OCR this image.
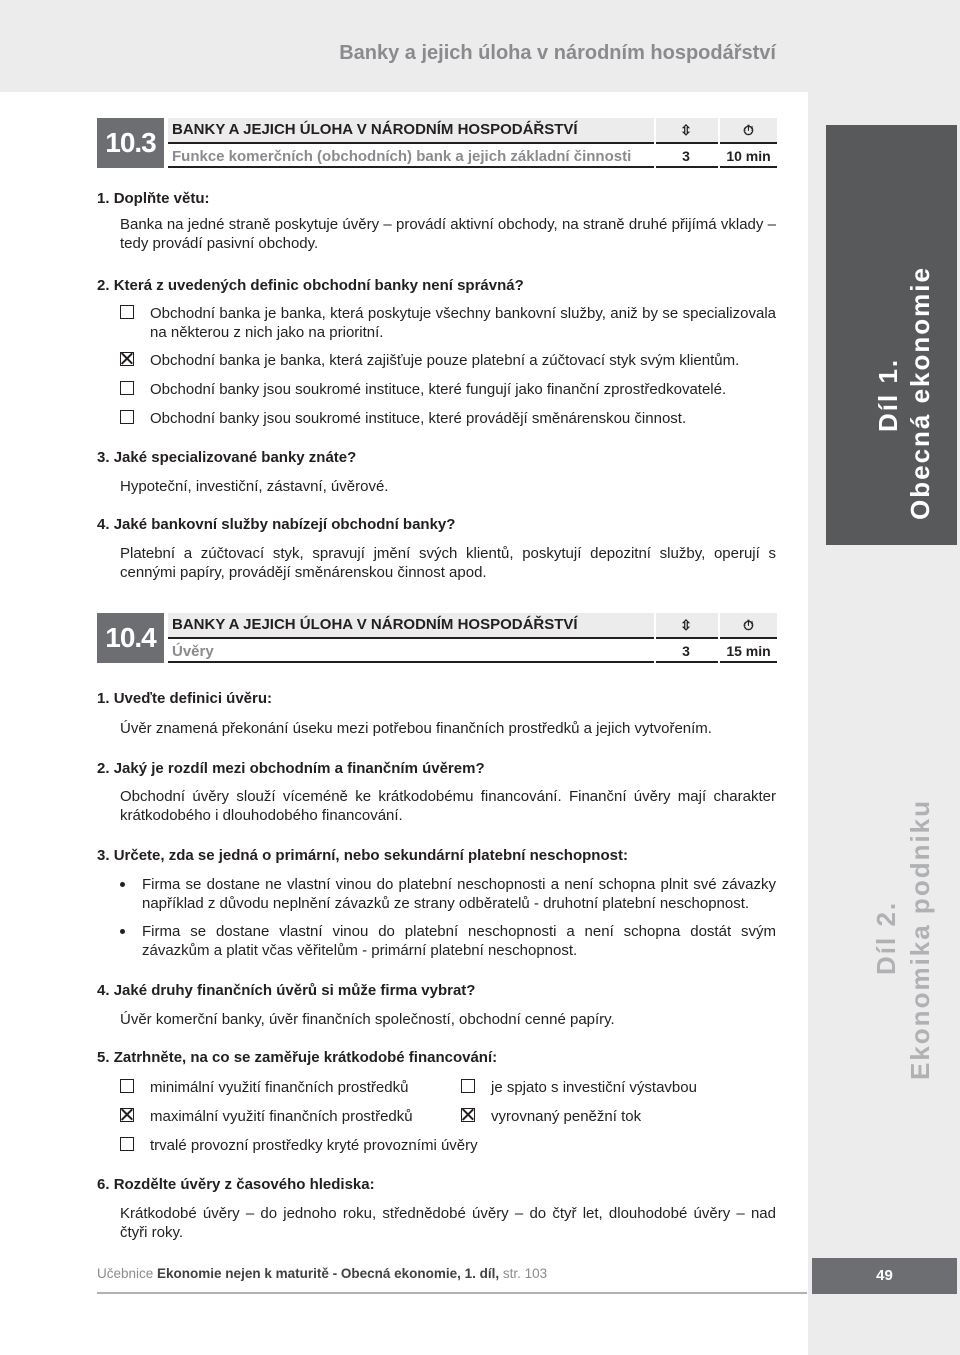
Banky a jejich úloha v národním hospodářství
Díl 1. Obecná ekonomie
Díl 2. Ekonomika podniku
10.3	BANKY A JEJICH ÚLOHA V NÁRODNÍM HOSPODÁŘSTVÍ	⇳	⏱
Funkce komerčních (obchodních) bank a jejich základní činnosti	3	10 min
1. Doplňte větu:
Banka na jedné straně poskytuje úvěry – provádí aktivní obchody, na straně druhé přijímá vklady – tedy provádí pasivní obchody.
2. Která z uvedených definic obchodní banky není správná?
Obchodní banka je banka, která poskytuje všechny bankovní služby, aniž by se specializovala na některou z nich jako na prioritní.
Obchodní banka je banka, která zajišťuje pouze platební a zúčtovací styk svým klientům.
Obchodní banky jsou soukromé instituce, které fungují jako finanční zprostředkovatelé.
Obchodní banky jsou soukromé instituce, které provádějí směnárenskou činnost.
3. Jaké specializované banky znáte?
Hypoteční, investiční, zástavní, úvěrové.
4. Jaké bankovní služby nabízejí obchodní banky?
Platební a zúčtovací styk, spravují jmění svých klientů, poskytují depozitní služby, operují s cennými papíry, provádějí směnárenskou činnost apod.
10.4	BANKY A JEJICH ÚLOHA V NÁRODNÍM HOSPODÁŘSTVÍ	⇳	⏱
Úvěry	3	15 min
1. Uveďte definici úvěru:
Úvěr znamená překonání úseku mezi potřebou finančních prostředků a jejich vytvořením.
2. Jaký je rozdíl mezi obchodním a finančním úvěrem?
Obchodní úvěry slouží víceméně ke krátkodobému financování. Finanční úvěry mají charakter krátkodobého i dlouhodobého financování.
3. Určete, zda se jedná o primární, nebo sekundární platební neschopnost:
Firma se dostane ne vlastní vinou do platební neschopnosti a není schopna plnit své závazky například z důvodu neplnění závazků ze strany odběratelů - druhotní platební neschopnost.
Firma se dostane vlastní vinou do platební neschopnosti a není schopna dostát svým závazkům a platit včas věřitelům - primární platební neschopnost.
4. Jaké druhy finančních úvěrů si může firma vybrat?
Úvěr komerční banky, úvěr finančních společností, obchodní cenné papíry.
5. Zatrhněte, na co se zaměřuje krátkodobé financování:
minimální využití finančních prostředků	je spjato s investiční výstavbou
maximální využití finančních prostředků	vyrovnaný peněžní tok
trvalé provozní prostředky kryté provozními úvěry
6. Rozdělte úvěry z časového hlediska:
Krátkodobé úvěry – do jednoho roku, střednědobé úvěry – do čtyř let, dlouhodobé úvěry – nad čtyři roky.
Učebnice Ekonomie nejen k maturitě - Obecná ekonomie, 1. díl, str. 103	49
